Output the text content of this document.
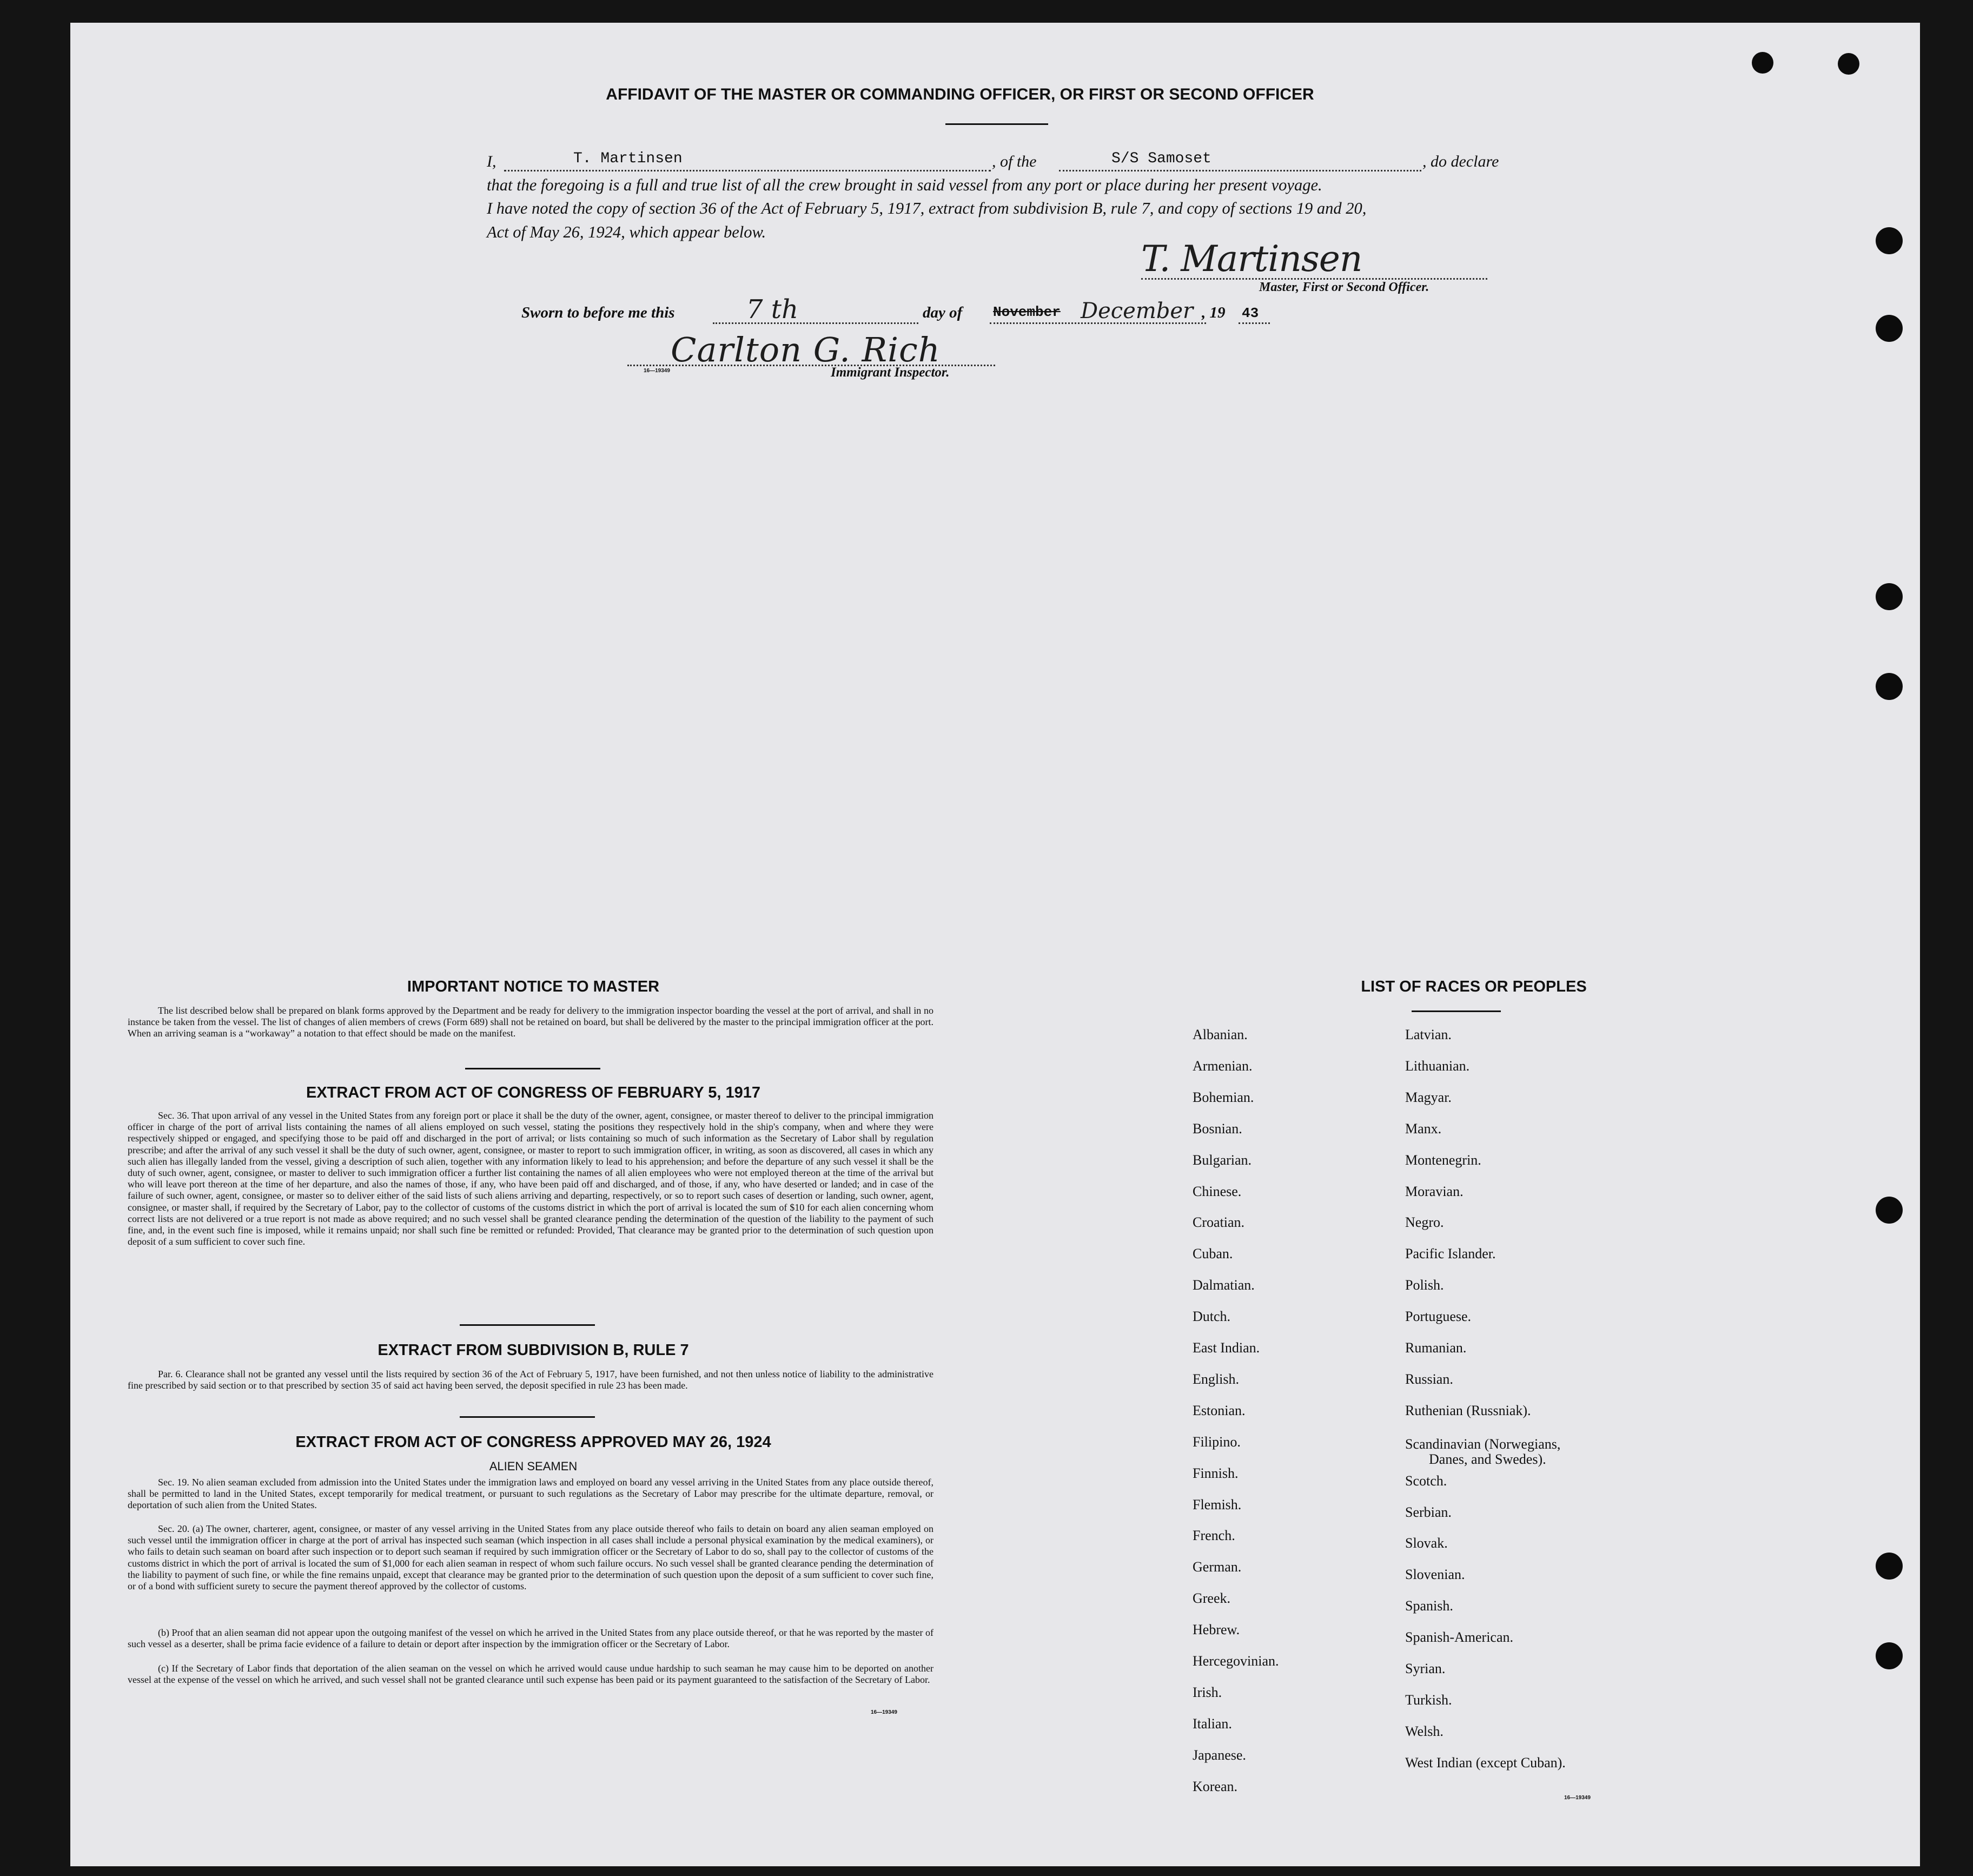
AFFIDAVIT OF THE MASTER OR COMMANDING OFFICER, OR FIRST OR SECOND OFFICER
I,	T. Martinsen	, of the	S/S Samoset	, do declare
that the foregoing is a full and true list of all the crew brought in said vessel from any port or place during her present voyage.
I have noted the copy of section 36 of the Act of February 5, 1917, extract from subdivision B, rule 7, and copy of sections 19 and 20,
Act of May 26, 1924, which appear below.
T. Martinsen
Master, First or Second Officer.
Sworn to before me this	7 th	day of November December , 19 43
Carlton G. Rich
16—19349	Immigrant Inspector.
IMPORTANT NOTICE TO MASTER
The list described below shall be prepared on blank forms approved by the Department and be ready for delivery to the immigration inspector boarding the vessel at the port of arrival, and shall in no instance be taken from the vessel. The list of changes of alien members of crews (Form 689) shall not be retained on board, but shall be delivered by the master to the principal immigration officer at the port. When an arriving seaman is a “workaway” a notation to that effect should be made on the manifest.
EXTRACT FROM ACT OF CONGRESS OF FEBRUARY 5, 1917
Sec. 36. That upon arrival of any vessel in the United States from any foreign port or place it shall be the duty of the owner, agent, consignee, or master thereof to deliver to the principal immigration officer in charge of the port of arrival lists containing the names of all aliens employed on such vessel, stating the positions they respectively hold in the ship's company, when and where they were respectively shipped or engaged, and specifying those to be paid off and discharged in the port of arrival; or lists containing so much of such information as the Secretary of Labor shall by regulation prescribe; and after the arrival of any such vessel it shall be the duty of such owner, agent, consignee, or master to report to such immigration officer, in writing, as soon as discovered, all cases in which any such alien has illegally landed from the vessel, giving a description of such alien, together with any information likely to lead to his apprehension; and before the departure of any such vessel it shall be the duty of such owner, agent, consignee, or master to deliver to such immigration officer a further list containing the names of all alien employees who were not employed thereon at the time of the arrival but who will leave port thereon at the time of her departure, and also the names of those, if any, who have been paid off and discharged, and of those, if any, who have deserted or landed; and in case of the failure of such owner, agent, consignee, or master so to deliver either of the said lists of such aliens arriving and departing, respectively, or so to report such cases of desertion or landing, such owner, agent, consignee, or master shall, if required by the Secretary of Labor, pay to the collector of customs of the customs district in which the port of arrival is located the sum of $10 for each alien concerning whom correct lists are not delivered or a true report is not made as above required; and no such vessel shall be granted clearance pending the determination of the question of the liability to the payment of such fine, and, in the event such fine is imposed, while it remains unpaid; nor shall such fine be remitted or refunded: Provided, That clearance may be granted prior to the determination of such question upon deposit of a sum sufficient to cover such fine.
EXTRACT FROM SUBDIVISION B, RULE 7
Par. 6. Clearance shall not be granted any vessel until the lists required by section 36 of the Act of February 5, 1917, have been furnished, and not then unless notice of liability to the administrative fine prescribed by said section or to that prescribed by section 35 of said act having been served, the deposit specified in rule 23 has been made.
EXTRACT FROM ACT OF CONGRESS APPROVED MAY 26, 1924
ALIEN SEAMEN
Sec. 19. No alien seaman excluded from admission into the United States under the immigration laws and employed on board any vessel arriving in the United States from any place outside thereof, shall be permitted to land in the United States, except temporarily for medical treatment, or pursuant to such regulations as the Secretary of Labor may prescribe for the ultimate departure, removal, or deportation of such alien from the United States.
Sec. 20. (a) The owner, charterer, agent, consignee, or master of any vessel arriving in the United States from any place outside thereof who fails to detain on board any alien seaman employed on such vessel until the immigration officer in charge at the port of arrival has inspected such seaman (which inspection in all cases shall include a personal physical examination by the medical examiners), or who fails to detain such seaman on board after such inspection or to deport such seaman if required by such immigration officer or the Secretary of Labor to do so, shall pay to the collector of customs of the customs district in which the port of arrival is located the sum of $1,000 for each alien seaman in respect of whom such failure occurs. No such vessel shall be granted clearance pending the determination of the liability to payment of such fine, or while the fine remains unpaid, except that clearance may be granted prior to the determination of such question upon the deposit of a sum sufficient to cover such fine, or of a bond with sufficient surety to secure the payment thereof approved by the collector of customs.
(b) Proof that an alien seaman did not appear upon the outgoing manifest of the vessel on which he arrived in the United States from any place outside thereof, or that he was reported by the master of such vessel as a deserter, shall be prima facie evidence of a failure to detain or deport after inspection by the immigration officer or the Secretary of Labor.
(c) If the Secretary of Labor finds that deportation of the alien seaman on the vessel on which he arrived would cause undue hardship to such seaman he may cause him to be deported on another vessel at the expense of the vessel on which he arrived, and such vessel shall not be granted clearance until such expense has been paid or its payment guaranteed to the satisfaction of the Secretary of Labor.
16—19349
LIST OF RACES OR PEOPLES
Albanian.
Armenian.
Bohemian.
Bosnian.
Bulgarian.
Chinese.
Croatian.
Cuban.
Dalmatian.
Dutch.
East Indian.
English.
Estonian.
Filipino.
Finnish.
Flemish.
French.
German.
Greek.
Hebrew.
Hercegovinian.
Irish.
Italian.
Japanese.
Korean.
Latvian.
Lithuanian.
Magyar.
Manx.
Montenegrin.
Moravian.
Negro.
Pacific Islander.
Polish.
Portuguese.
Rumanian.
Russian.
Ruthenian (Russniak).
Scandinavian (Norwegians,
Danes, and Swedes).
Scotch.
Serbian.
Slovak.
Slovenian.
Spanish.
Spanish-American.
Syrian.
Turkish.
Welsh.
West Indian (except Cuban).
16—19349
